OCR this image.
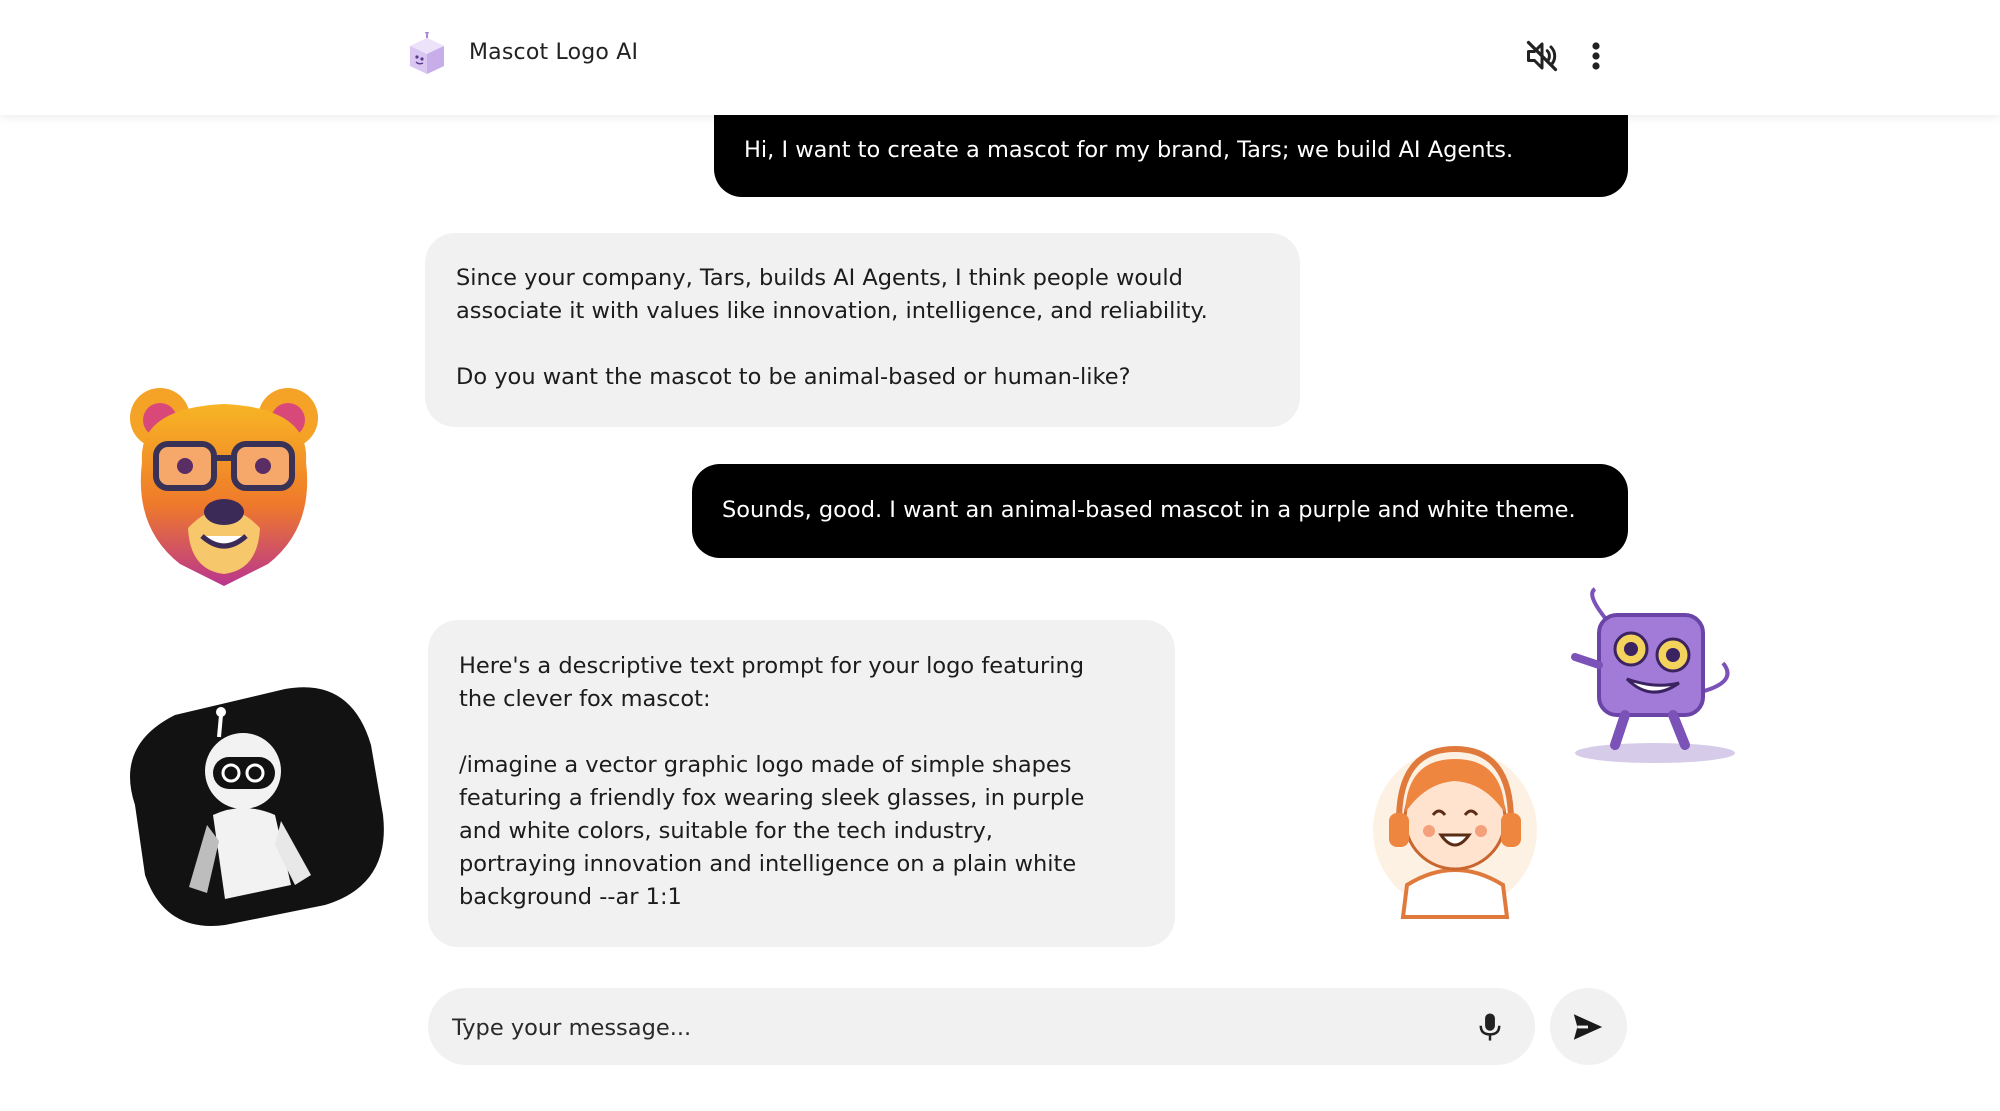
Mascot Logo AI
Hi, I want to create a mascot for my brand, Tars; we build AI Agents.
Since your company, Tars, builds AI Agents, I think people would
associate it with values like innovation, intelligence, and reliability.

Do you want the mascot to be animal-based or human-like?
Sounds, good. I want an animal-based mascot in a purple and white theme.
Here's a descriptive text prompt for your logo featuring
the clever fox mascot:

/imagine a vector graphic logo made of simple shapes
featuring a friendly fox wearing sleek glasses, in purple
and white colors, suitable for the tech industry,
portraying innovation and intelligence on a plain white
background --ar 1:1
Type your message...
